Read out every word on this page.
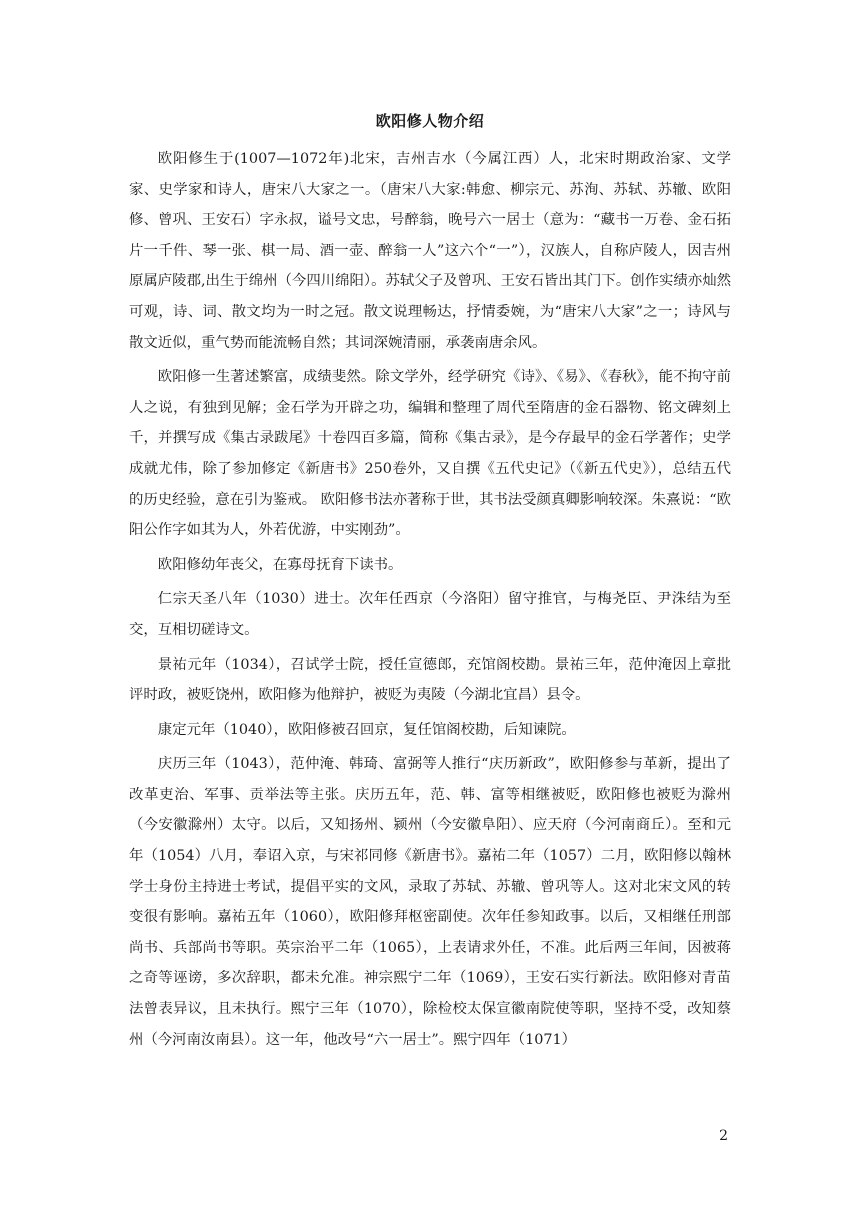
欧阳修人物介绍

欧阳修生于(1007—1072年)北宋，吉州吉水（今属江西）人，北宋时期政治家、文学家、史学家和诗人，唐宋八大家之一。（唐宋八大家:韩愈、柳宗元、苏洵、苏轼、苏辙、欧阳修、曾巩、王安石）字永叔，谥号文忠，号醉翁，晚号六一居士（意为：“藏书一万卷、金石拓片一千件、琴一张、棋一局、酒一壶、醉翁一人”这六个“一”），汉族人，自称庐陵人，因吉州原属庐陵郡,出生于绵州（今四川绵阳）。苏轼父子及曾巩、王安石皆出其门下。创作实绩亦灿然可观，诗、词、散文均为一时之冠。散文说理畅达，抒情委婉，为“唐宋八大家”之一；诗风与散文近似，重气势而能流畅自然；其词深婉清丽，承袭南唐余风。

欧阳修一生著述繁富，成绩斐然。除文学外，经学研究《诗》、《易》、《春秋》，能不拘守前人之说，有独到见解；金石学为开辟之功，编辑和整理了周代至隋唐的金石器物、铭文碑刻上千，并撰写成《集古录跋尾》十卷四百多篇，简称《集古录》，是今存最早的金石学著作；史学成就尤伟，除了参加修定《新唐书》250卷外，又自撰《五代史记》（《新五代史》），总结五代的历史经验，意在引为鉴戒。 欧阳修书法亦著称于世，其书法受颜真卿影响较深。朱熹说：“欧阳公作字如其为人，外若优游，中实刚劲”。

欧阳修幼年丧父，在寡母抚育下读书。

仁宗天圣八年（1030）进士。次年任西京（今洛阳）留守推官，与梅尧臣、尹洙结为至交，互相切磋诗文。

景祐元年（1034），召试学士院，授任宣德郎，充馆阁校勘。景祐三年，范仲淹因上章批评时政，被贬饶州，欧阳修为他辩护，被贬为夷陵（今湖北宜昌）县令。

康定元年（1040），欧阳修被召回京，复任馆阁校勘，后知谏院。

庆历三年（1043），范仲淹、韩琦、富弼等人推行“庆历新政”，欧阳修参与革新，提出了改革吏治、军事、贡举法等主张。庆历五年，范、韩、富等相继被贬，欧阳修也被贬为滁州（今安徽滁州）太守。以后，又知扬州、颍州（今安徽阜阳）、应天府（今河南商丘）。至和元年（1054）八月，奉诏入京，与宋祁同修《新唐书》。嘉祐二年（1057）二月，欧阳修以翰林学士身份主持进士考试，提倡平实的文风，录取了苏轼、苏辙、曾巩等人。这对北宋文风的转变很有影响。嘉祐五年（1060），欧阳修拜枢密副使。次年任参知政事。以后，又相继任刑部尚书、兵部尚书等职。英宗治平二年（1065），上表请求外任，不准。此后两三年间，因被蒋之奇等诬谤，多次辞职，都未允准。神宗熙宁二年（1069），王安石实行新法。欧阳修对青苗法曾表异议，且未执行。熙宁三年（1070），除检校太保宣徽南院使等职，坚持不受，改知蔡州（今河南汝南县）。这一年，他改号“六一居士”。熙宁四年（1071）

2
